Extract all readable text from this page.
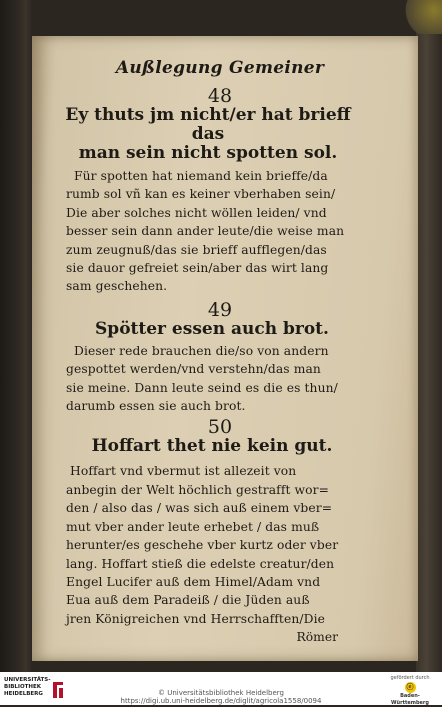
Außlegung Gemeiner
48
Ey thuts jm nicht/er hat brieff das
man sein nicht spotten sol.
Für spotten hat niemand kein brieffe/da
rumb sol vñ kan es keiner vberhaben sein/
Die aber solches nicht wöllen leiden/ vnd
besser sein dann ander leute/die weise man
zum zeugnuß/das sie brieff aufflegen/das
sie dauor gefreiet sein/aber das wirt lang
sam geschehen.
49
Spötter essen auch brot.
Dieser rede brauchen die/so von andern
gespottet werden/vnd verstehn/das man
sie meine. Dann leute seind es die es thun/
darumb essen sie auch brot.
50
Hoffart thet nie kein gut.
Hoffart vnd vbermut ist allezeit von
anbegin der Welt höchlich gestrafft wor=
den / also das / was sich auß einem vber=
mut vber ander leute erhebet / das muß
herunter/es geschehe vber kurtz oder vber
lang. Hoffart stieß die edelste creatur/den
Engel Lucifer auß dem Himel/Adam vnd
Eua auß dem Paradeiß / die Jüden auß
jren Königreichen vnd Herrschafften/Die
Römer
UNIVERSITÄTS-
BIBLIOTHEK
HEIDELBERG	© Universitätsbibliothek Heidelberg
https://digi.ub.uni-heidelberg.de/diglit/agricola1558/0094
gefördert durch
ⓔ
Baden-Württemberg
